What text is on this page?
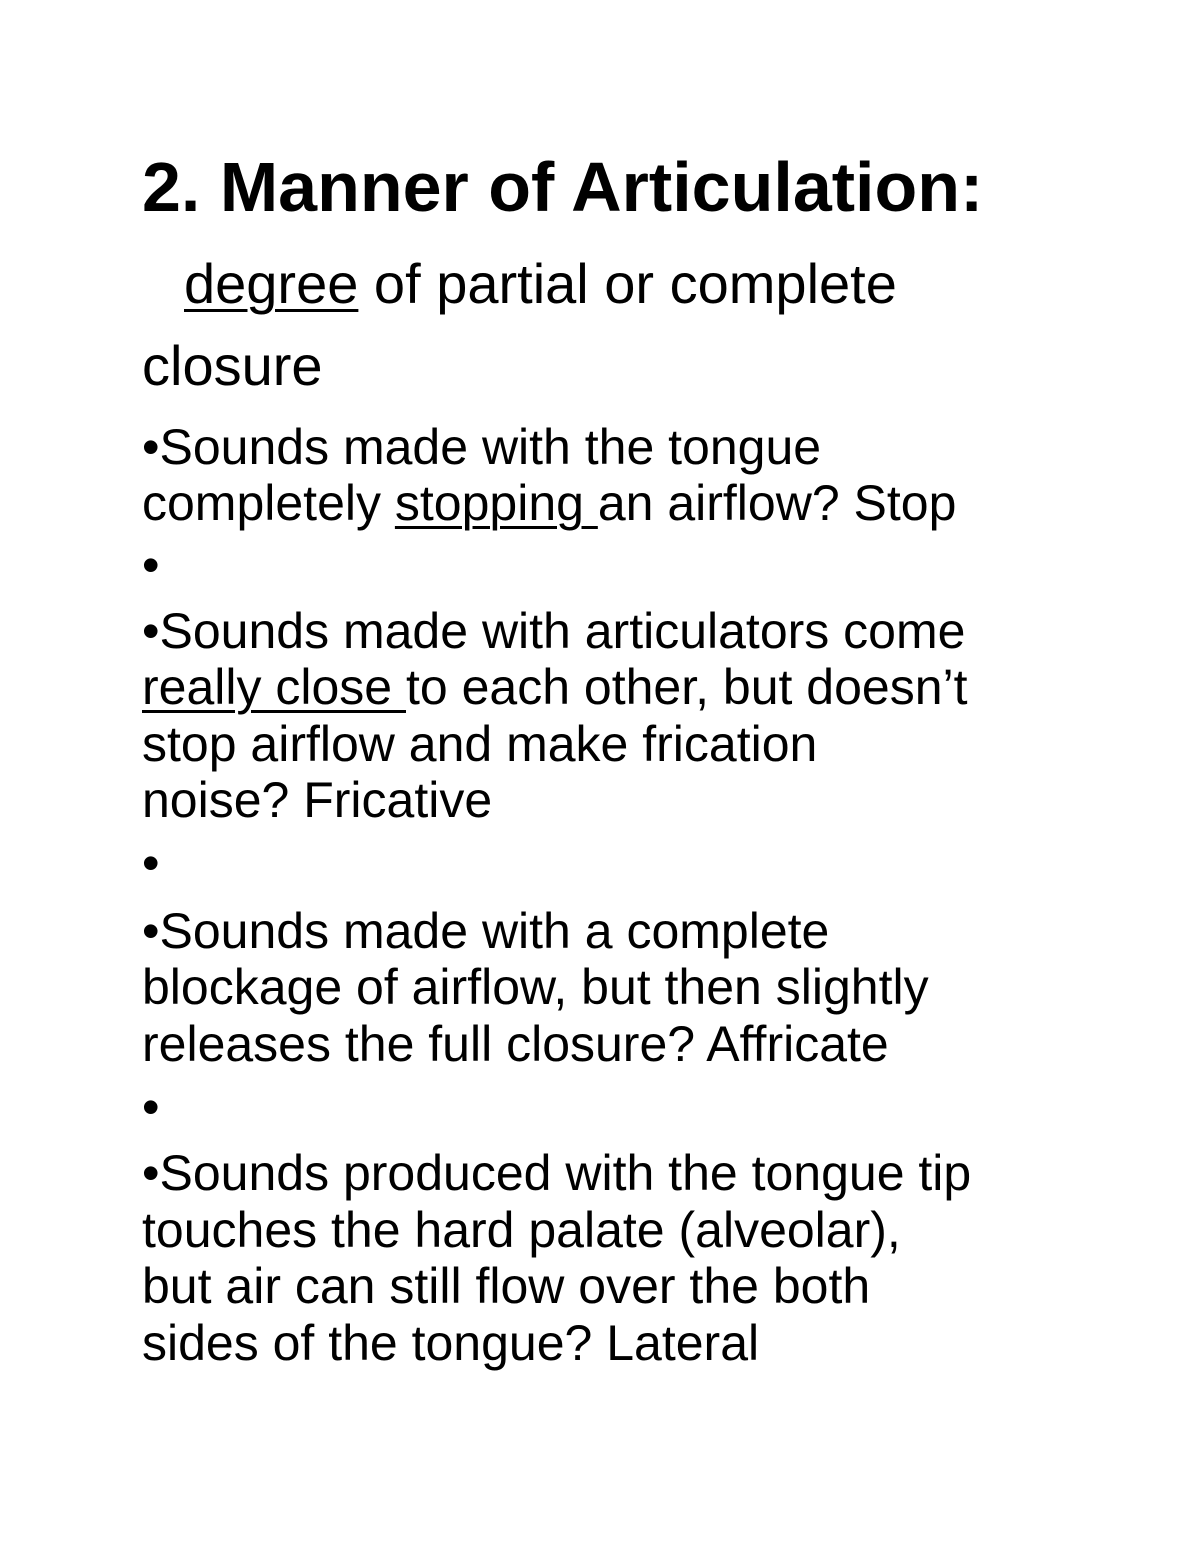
2. Manner of Articulation:
degree of partial or complete
closure
•Sounds made with the tongue
completely stopping an airflow? Stop
•
•Sounds made with articulators come
really close to each other, but doesn’t
stop airflow and make frication
noise? Fricative
•
•Sounds made with a complete
blockage of airflow, but then slightly
releases the full closure? Affricate
•
•Sounds produced with the tongue tip
touches the hard palate (alveolar),
but air can still flow over the both
sides of the tongue? Lateral
